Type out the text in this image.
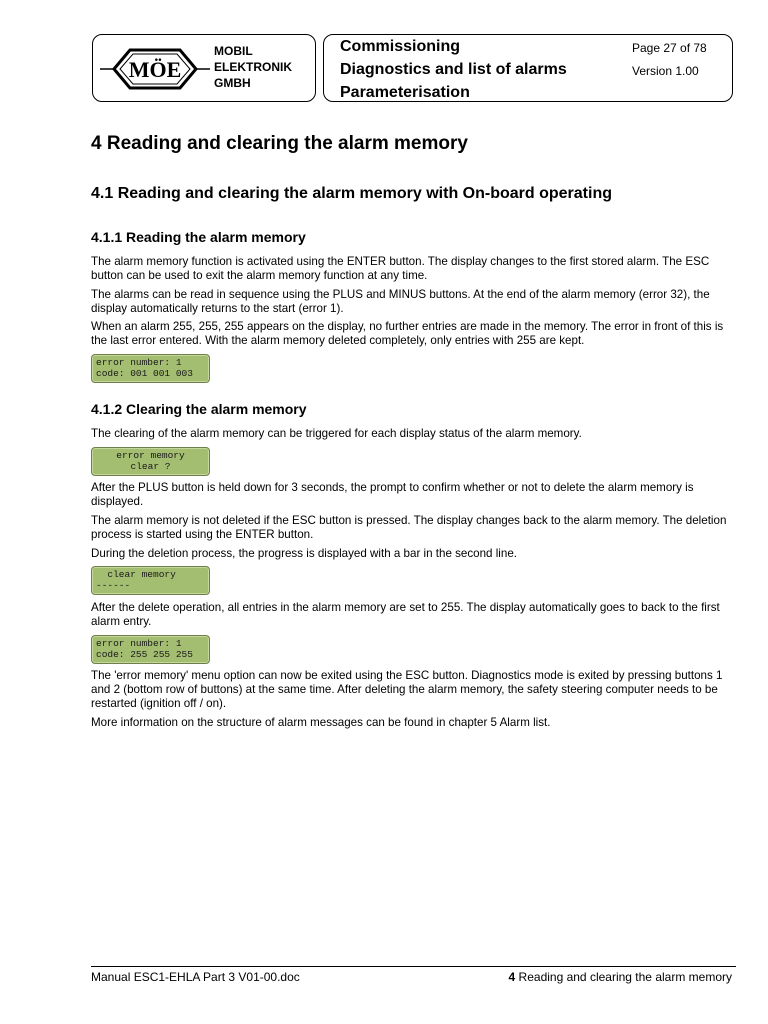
MÖE
MOBIL
ELEKTRONIK
GMBH
Commissioning
Diagnostics and list of alarms
Parameterisation
Page 27 of 78
Version 1.00
4 Reading and clearing the alarm memory
4.1 Reading and clearing the alarm memory with On-board operating
4.1.1 Reading the alarm memory
The alarm memory function is activated using the ENTER button. The display changes to the first stored alarm. The ESC button can be used to exit the alarm memory function at any time.
The alarms can be read in sequence using the PLUS and MINUS buttons. At the end of the alarm memory (error 32), the display automatically returns to the start (error 1).
When an alarm 255, 255, 255 appears on the display, no further entries are made in the memory. The error in front of this is the last error entered. With the alarm memory deleted completely, only entries with 255 are kept.
error number: 1
code: 001 001 003
4.1.2 Clearing the alarm memory
The clearing of the alarm memory can be triggered for each display status of the alarm memory.
error memory
clear ?
After the PLUS button is held down for 3 seconds, the prompt to confirm whether or not to delete the alarm memory is displayed.
The alarm memory is not deleted if the ESC button is pressed. The display changes back to the alarm memory. The deletion process is started using the ENTER button.
During the deletion process, the progress is displayed with a bar in the second line.
clear memory
------
After the delete operation, all entries in the alarm memory are set to 255. The display automatically goes to back to the first alarm entry.
error number: 1
code: 255 255 255
The 'error memory' menu option can now be exited using the ESC button. Diagnostics mode is exited by pressing buttons 1 and 2 (bottom row of buttons) at the same time. After deleting the alarm memory, the safety steering computer needs to be restarted (ignition off / on).
More information on the structure of alarm messages can be found in chapter 5 Alarm list.
Manual ESC1-EHLA Part 3 V01-00.doc	4 Reading and clearing the alarm memory
